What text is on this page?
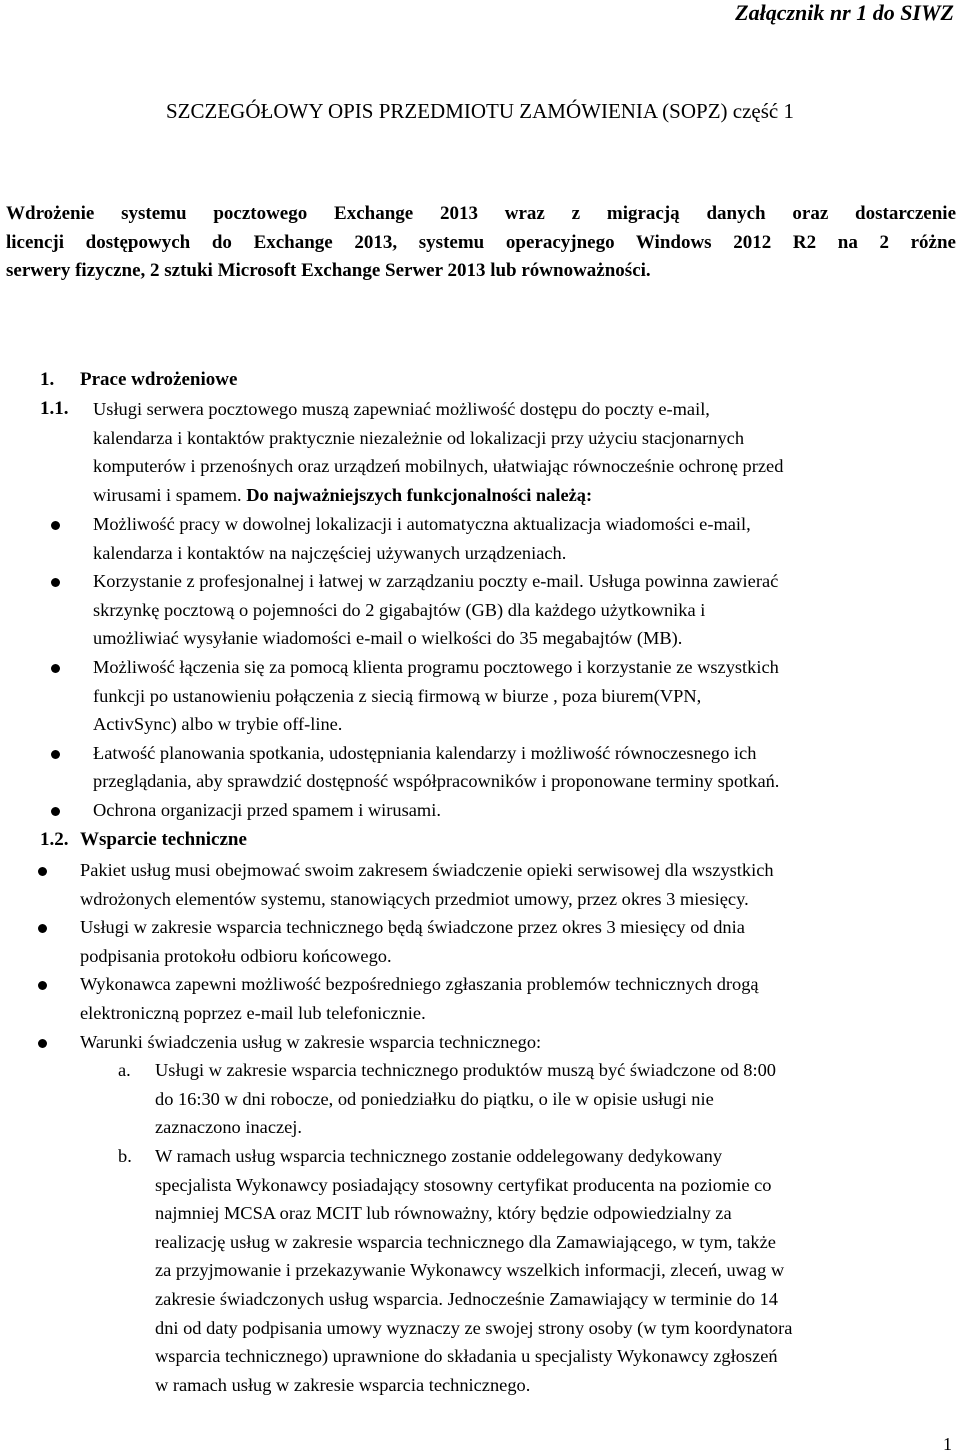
Załącznik nr 1 do SIWZ
SZCZEGÓŁOWY OPIS PRZEDMIOTU ZAMÓWIENIA (SOPZ) część 1
Wdrożenie systemu pocztowego Exchange 2013 wraz z migracją danych oraz dostarczenie
licencji dostępowych do Exchange 2013, systemu operacyjnego Windows 2012 R2 na 2 różne
serwery fizyczne, 2 sztuki Microsoft Exchange Serwer 2013 lub równoważności.
1. Prace wdrożeniowe
1.1.	Usługi serwera pocztowego muszą zapewniać możliwość dostępu do poczty e-mail,
kalendarza i kontaktów praktycznie niezależnie od lokalizacji przy użyciu stacjonarnych
komputerów i przenośnych oraz urządzeń mobilnych, ułatwiając równocześnie ochronę przed
wirusami i spamem. Do najważniejszych funkcjonalności należą:
Możliwość pracy w dowolnej lokalizacji i automatyczna aktualizacja wiadomości e-mail,
kalendarza i kontaktów na najczęściej używanych urządzeniach.
Korzystanie z profesjonalnej i łatwej w zarządzaniu poczty e-mail. Usługa powinna zawierać
skrzynkę pocztową o pojemności do 2 gigabajtów (GB) dla każdego użytkownika i
umożliwiać wysyłanie wiadomości e-mail o wielkości do 35 megabajtów (MB).
Możliwość łączenia się za pomocą klienta programu pocztowego i korzystanie ze wszystkich
funkcji po ustanowieniu połączenia z siecią firmową w biurze , poza biurem(VPN,
ActivSync) albo w trybie off-line.
Łatwość planowania spotkania, udostępniania kalendarzy i możliwość równoczesnego ich
przeglądania, aby sprawdzić dostępność współpracowników i proponowane terminy spotkań.
Ochrona organizacji przed spamem i wirusami.
1.2. Wsparcie techniczne
Pakiet usług musi obejmować swoim zakresem świadczenie opieki serwisowej dla wszystkich
wdrożonych elementów systemu, stanowiących przedmiot umowy, przez okres 3 miesięcy.
Usługi w zakresie wsparcia technicznego będą świadczone przez okres 3 miesięcy od dnia
podpisania protokołu odbioru końcowego.
Wykonawca zapewni możliwość bezpośredniego zgłaszania problemów technicznych drogą
elektroniczną poprzez e-mail lub telefonicznie.
Warunki świadczenia usług w zakresie wsparcia technicznego:
a. Usługi w zakresie wsparcia technicznego produktów muszą być świadczone od 8:00
do 16:30 w dni robocze, od poniedziałku do piątku, o ile w opisie usługi nie
zaznaczono inaczej.
b. W ramach usług wsparcia technicznego zostanie oddelegowany dedykowany
specjalista Wykonawcy posiadający stosowny certyfikat producenta na poziomie co
najmniej MCSA oraz MCIT lub równoważny, który będzie odpowiedzialny za
realizację usług w zakresie wsparcia technicznego dla Zamawiającego, w tym, także
za przyjmowanie i przekazywanie Wykonawcy wszelkich informacji, zleceń, uwag w
zakresie świadczonych usług wsparcia. Jednocześnie Zamawiający w terminie do 14
dni od daty podpisania umowy wyznaczy ze swojej strony osoby (w tym koordynatora
wsparcia technicznego) uprawnione do składania u specjalisty Wykonawcy zgłoszeń
w ramach usług w zakresie wsparcia technicznego.
1
